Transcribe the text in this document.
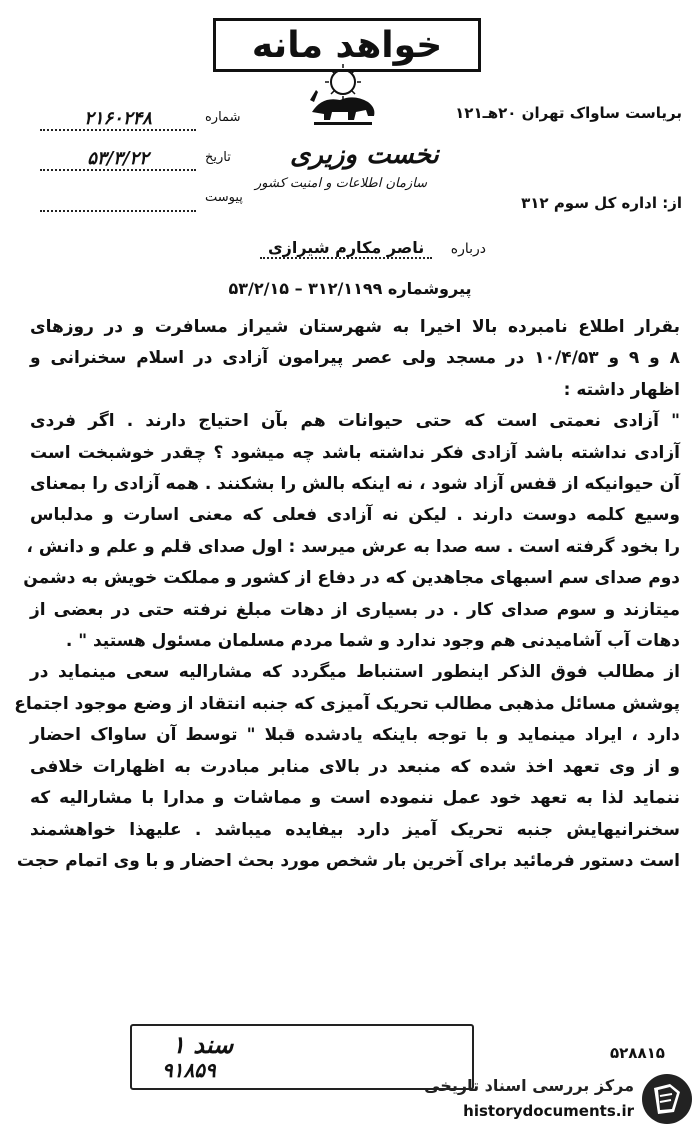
خواهد مانه
بریاست ساواک تهران ۲۰هـ۱۲۱
از: اداره کل سوم ۳۱۲
نخست وزیری
سازمان اطلاعات و امنیت کشور
شماره
تاریخ
پیوست
۲۱۶۰۲۴۸
۵۳/۳/۲۲
درباره ناصر مکارم شیرازی
پیروشماره ۳۱۲/۱۱۹۹ – ۵۳/۲/۱۵
بقرار اطلاع نامبرده بالا اخیرا به شهرستان شیراز مسافرت و در روزهای
۸ و ۹ و ۱۰/۴/۵۳ در مسجد ولی عصر پیرامون آزادی در اسلام سخنرانی و
اظهار داشته :
" آزادی نعمتی است که حتی حیوانات هم بآن احتیاج دارند . اگر فردی
آزادی نداشته باشد آزادی فکر نداشته باشد چه میشود ؟ چقدر خوشبخت است
آن حیوانیکه از قفس آزاد شود ، نه اینکه بالش را بشکنند . همه آزادی را بمعنای
وسیع کلمه دوست دارند . لیکن نه آزادی فعلی که معنی اسارت و مدلباس
را بخود گرفته است . سه صدا به عرش میرسد : اول صدای قلم و علم و دانش ،
دوم صدای سم اسبهای مجاهدین که در دفاع از کشور و مملکت خویش به دشمن
میتازند و سوم صدای کار . در بسیاری از دهات مبلغ نرفته حتی در بعضی از
دهات آب آشامیدنی هم وجود ندارد و شما مردم مسلمان مسئول هستید " .
از مطالب فوق الذکر اینطور استنباط میگردد که مشارالیه سعی مینماید در
پوشش مسائل مذهبی مطالب تحریک آمیزی که جنبه انتقاد از وضع موجود اجتماع
دارد ، ایراد مینماید و با توجه باینکه یادشده قبلا " توسط آن ساواک احضار
و از وی تعهد اخذ شده که منبعد در بالای منابر مبادرت به اظهارات خلافی
ننماید لذا به تعهد خود عمل ننموده است و مماشات و مدارا با مشارالیه که
سخنرانیهایش جنبه تحریک آمیز دارد بیفایده میباشد . علیهذا خواهشمند
است دستور فرمائید برای آخرین بار شخص مورد بحث احضار و با وی اتمام حجت
سند ۱
۹۱۸۵۹
۵۲۸۸۱۵
مرکز بررسی اسناد تاریخی
historydocuments.ir
